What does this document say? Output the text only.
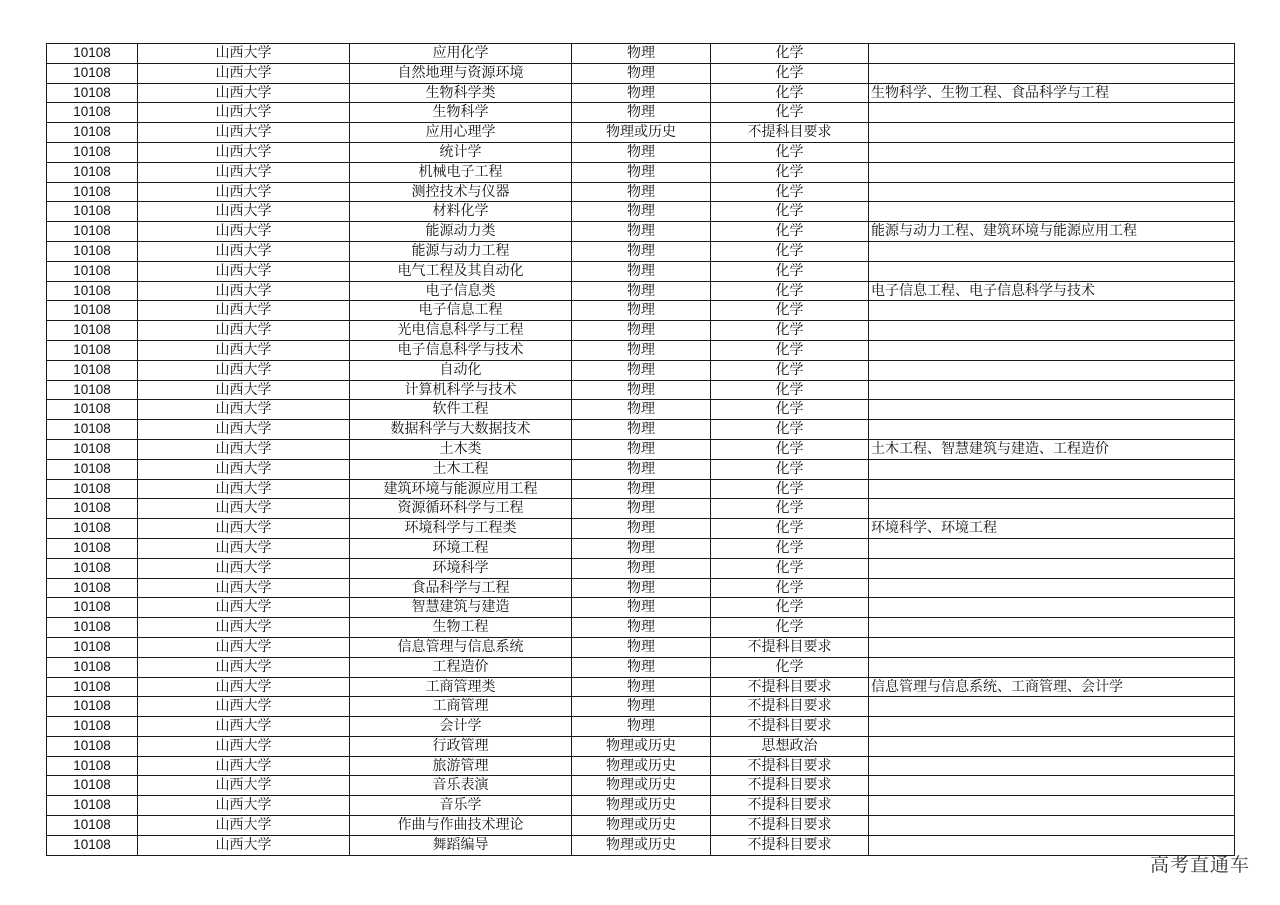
10108	山西大学	应用化学	物理	化学	
10108	山西大学	自然地理与资源环境	物理	化学	
10108	山西大学	生物科学类	物理	化学	生物科学、生物工程、食品科学与工程
10108	山西大学	生物科学	物理	化学	
10108	山西大学	应用心理学	物理或历史	不提科目要求	
10108	山西大学	统计学	物理	化学	
10108	山西大学	机械电子工程	物理	化学	
10108	山西大学	测控技术与仪器	物理	化学	
10108	山西大学	材料化学	物理	化学	
10108	山西大学	能源动力类	物理	化学	能源与动力工程、建筑环境与能源应用工程
10108	山西大学	能源与动力工程	物理	化学	
10108	山西大学	电气工程及其自动化	物理	化学	
10108	山西大学	电子信息类	物理	化学	电子信息工程、电子信息科学与技术
10108	山西大学	电子信息工程	物理	化学	
10108	山西大学	光电信息科学与工程	物理	化学	
10108	山西大学	电子信息科学与技术	物理	化学	
10108	山西大学	自动化	物理	化学	
10108	山西大学	计算机科学与技术	物理	化学	
10108	山西大学	软件工程	物理	化学	
10108	山西大学	数据科学与大数据技术	物理	化学	
10108	山西大学	土木类	物理	化学	土木工程、智慧建筑与建造、工程造价
10108	山西大学	土木工程	物理	化学	
10108	山西大学	建筑环境与能源应用工程	物理	化学	
10108	山西大学	资源循环科学与工程	物理	化学	
10108	山西大学	环境科学与工程类	物理	化学	环境科学、环境工程
10108	山西大学	环境工程	物理	化学	
10108	山西大学	环境科学	物理	化学	
10108	山西大学	食品科学与工程	物理	化学	
10108	山西大学	智慧建筑与建造	物理	化学	
10108	山西大学	生物工程	物理	化学	
10108	山西大学	信息管理与信息系统	物理	不提科目要求	
10108	山西大学	工程造价	物理	化学	
10108	山西大学	工商管理类	物理	不提科目要求	信息管理与信息系统、工商管理、会计学
10108	山西大学	工商管理	物理	不提科目要求	
10108	山西大学	会计学	物理	不提科目要求	
10108	山西大学	行政管理	物理或历史	思想政治	
10108	山西大学	旅游管理	物理或历史	不提科目要求	
10108	山西大学	音乐表演	物理或历史	不提科目要求	
10108	山西大学	音乐学	物理或历史	不提科目要求	
10108	山西大学	作曲与作曲技术理论	物理或历史	不提科目要求	
10108	山西大学	舞蹈编导	物理或历史	不提科目要求	
高考直通车
